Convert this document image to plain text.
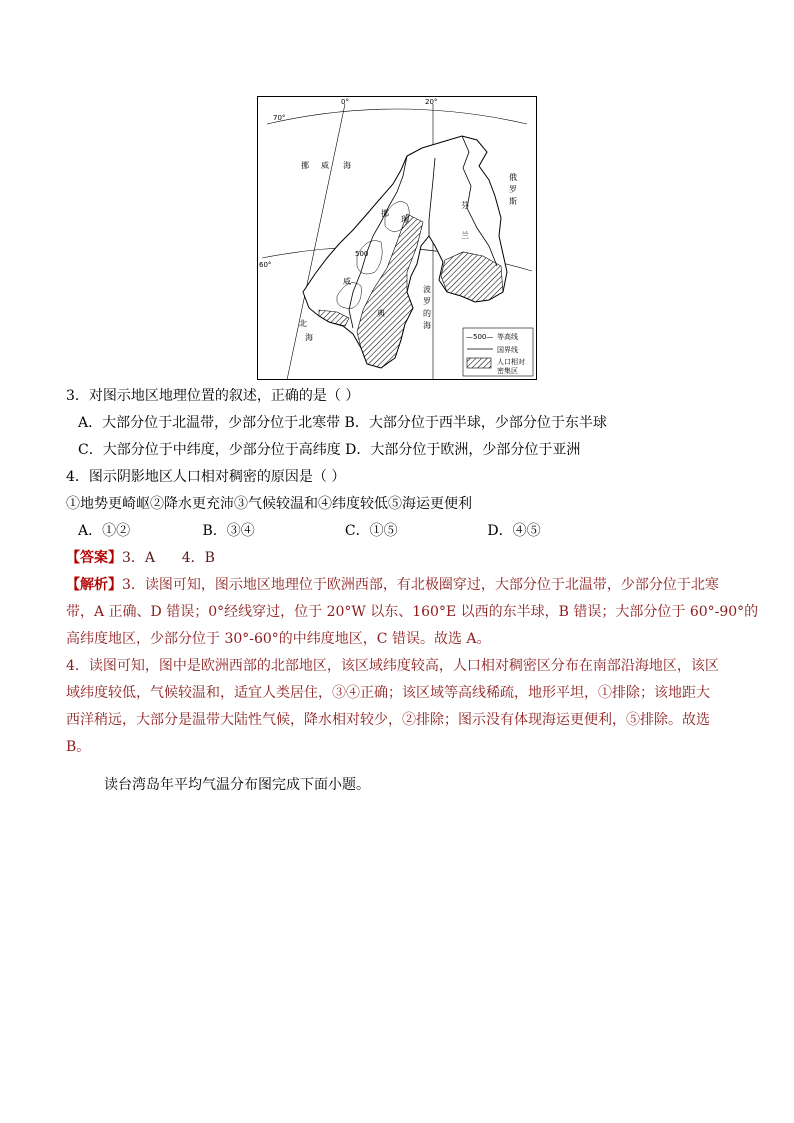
0°	20°
70°
60°
挪 威 海
挪
威
瑞
典
芬
兰
俄
罗
斯
北
海
波
罗
的
海
500
—500— 等高线
国界线
人口相对
密集区
3．对图示地区地理位置的叙述，正确的是（ ）
A．大部分位于北温带，少部分位于北寒带 B．大部分位于西半球，少部分位于东半球
C．大部分位于中纬度，少部分位于高纬度 D．大部分位于欧洲，少部分位于亚洲
4．图示阴影地区人口相对稠密的原因是（ ）
①地势更崎岖②降水更充沛③气候较温和④纬度较低⑤海运更便利
A．①②	B．③④	C．①⑤	D．④⑤
【答案】3．A      4．B
【解析】3．读图可知，图示地区地理位于欧洲西部，有北极圈穿过，大部分位于北温带，少部分位于北寒
带，A 正确、D 错误；0°经线穿过，位于 20°W 以东、160°E 以西的东半球，B 错误；大部分位于 60°-90°的
高纬度地区，少部分位于 30°-60°的中纬度地区，C 错误。故选 A。
4．读图可知，图中是欧洲西部的北部地区，该区域纬度较高，人口相对稠密区分布在南部沿海地区，该区
域纬度较低，气候较温和，适宜人类居住，③④正确；该区域等高线稀疏，地形平坦，①排除；该地距大
西洋稍远，大部分是温带大陆性气候，降水相对较少，②排除；图示没有体现海运更便利，⑤排除。故选
B。
读台湾岛年平均气温分布图完成下面小题。
